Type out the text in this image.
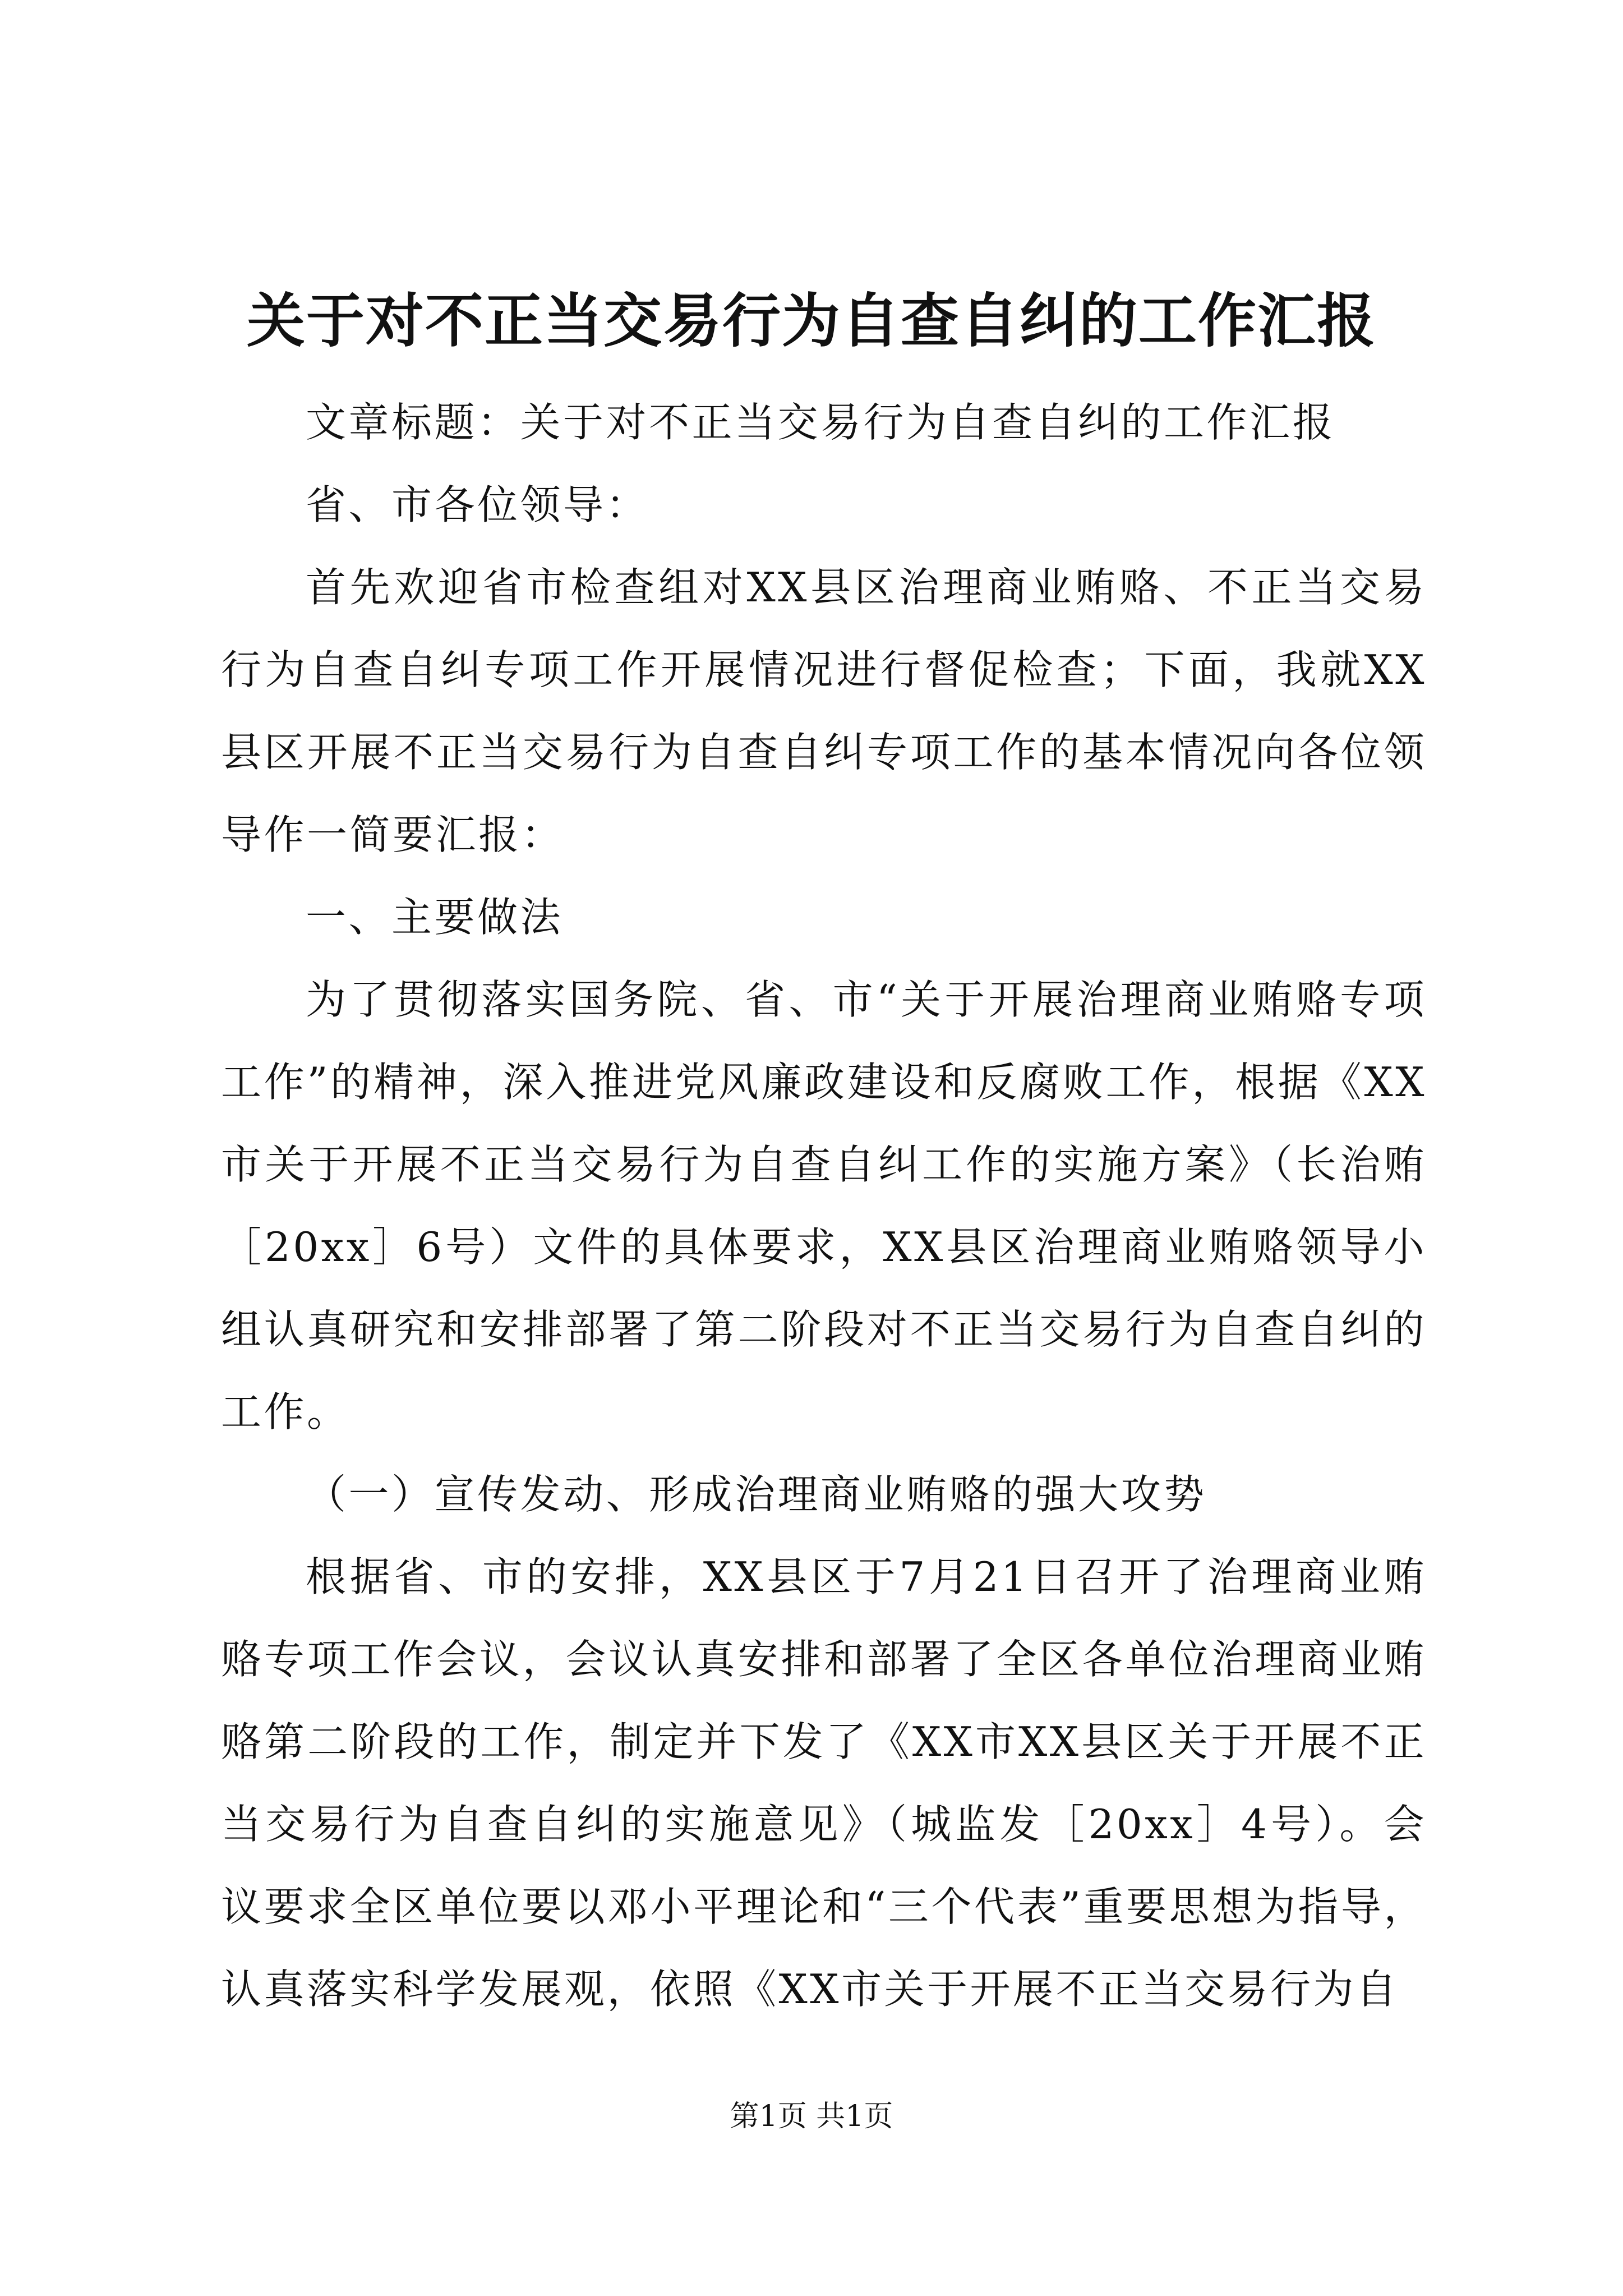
关于对不正当交易行为自查自纠的工作汇报

文章标题：关于对不正当交易行为自查自纠的工作汇报

省、市各位领导：

首先欢迎省市检查组对XX县区治理商业贿赂、不正当交易行为自查自纠专项工作开展情况进行督促检查；下面，我就XX县区开展不正当交易行为自查自纠专项工作的基本情况向各位领导作一简要汇报：

一、主要做法

为了贯彻落实国务院、省、市“关于开展治理商业贿赂专项工作”的精神，深入推进党风廉政建设和反腐败工作，根据《XX市关于开展不正当交易行为自查自纠工作的实施方案》（长治贿［20xx］6号）文件的具体要求，XX县区治理商业贿赂领导小组认真研究和安排部署了第二阶段对不正当交易行为自查自纠的工作。

（一）宣传发动、形成治理商业贿赂的强大攻势

根据省、市的安排，XX县区于7月21日召开了治理商业贿赂专项工作会议，会议认真安排和部署了全区各单位治理商业贿赂第二阶段的工作，制定并下发了《XX市XX县区关于开展不正当交易行为自查自纠的实施意见》（城监发［20xx］4号）。会议要求全区单位要以邓小平理论和“三个代表”重要思想为指导，认真落实科学发展观，依照《XX市关于开展不正当交易行为自

第1页 共1页
